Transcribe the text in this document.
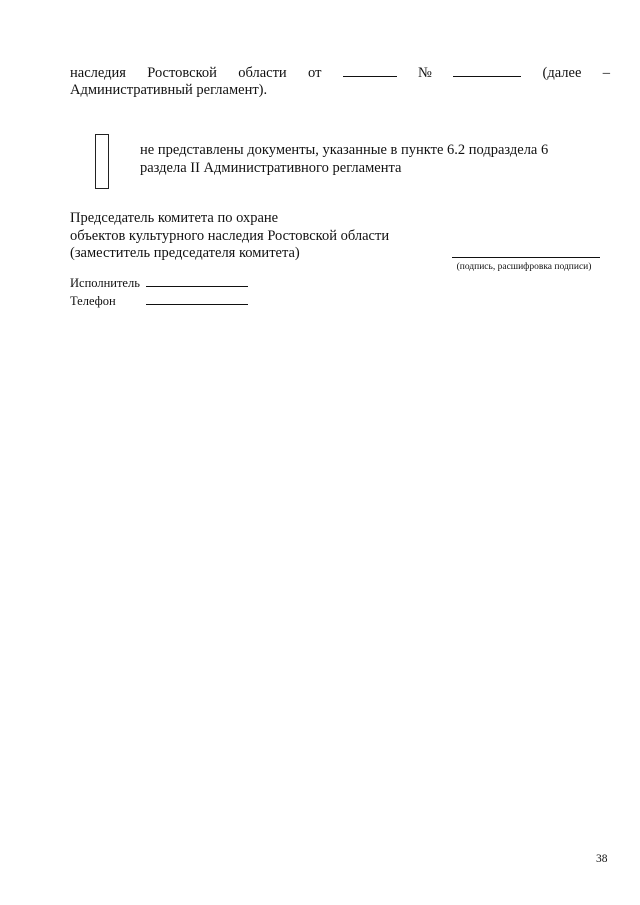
наследия Ростовской области от	№	(далее –
Административный регламент).
не представлены документы, указанные в пункте 6.2 подраздела 6
раздела II Административного регламента
Председатель комитета по охране
объектов культурного наследия Ростовской области
(заместитель председателя комитета)
(подпись, расшифровка подписи)
Исполнитель
Телефон
38
